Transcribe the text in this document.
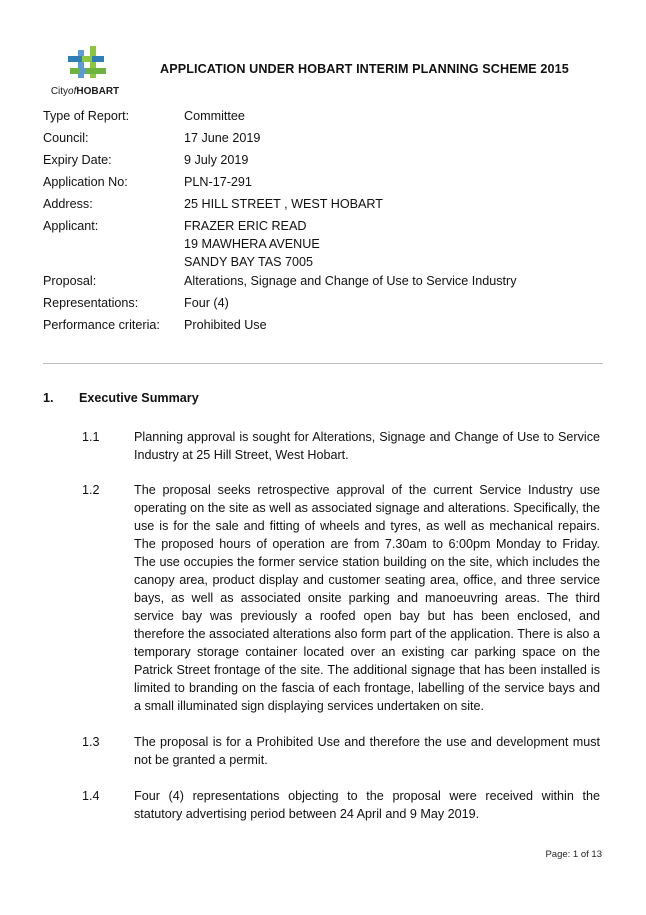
CityofHOBART
APPLICATION UNDER HOBART INTERIM PLANNING SCHEME 2015
Type of Report:	Committee
Council:	17 June 2019
Expiry Date:	9 July 2019
Application No:	PLN-17-291
Address:	25 HILL STREET , WEST HOBART
Applicant:	FRAZER ERIC READ
19 MAWHERA AVENUE
SANDY BAY TAS 7005
Proposal:	Alterations, Signage and Change of Use to Service Industry
Representations:	Four (4)
Performance criteria:	Prohibited Use
1.	Executive Summary
1.1	Planning approval is sought for Alterations, Signage and Change of Use to Service Industry at 25 Hill Street, West Hobart.
1.2	The proposal seeks retrospective approval of the current Service Industry use operating on the site as well as associated signage and alterations. Specifically, the use is for the sale and fitting of wheels and tyres, as well as mechanical repairs. The proposed hours of operation are from 7.30am to 6:00pm Monday to Friday. The use occupies the former service station building on the site, which includes the canopy area, product display and customer seating area, office, and three service bays, as well as associated onsite parking and manoeuvring areas. The third service bay was previously a roofed open bay but has been enclosed, and therefore the associated alterations also form part of the application. There is also a temporary storage container located over an existing car parking space on the Patrick Street frontage of the site. The additional signage that has been installed is limited to branding on the fascia of each frontage, labelling of the service bays and a small illuminated sign displaying services undertaken on site.
1.3	The proposal is for a Prohibited Use and therefore the use and development must not be granted a permit.
1.4	Four (4) representations objecting to the proposal were received within the statutory advertising period between 24 April and 9 May 2019.
Page: 1 of 13
